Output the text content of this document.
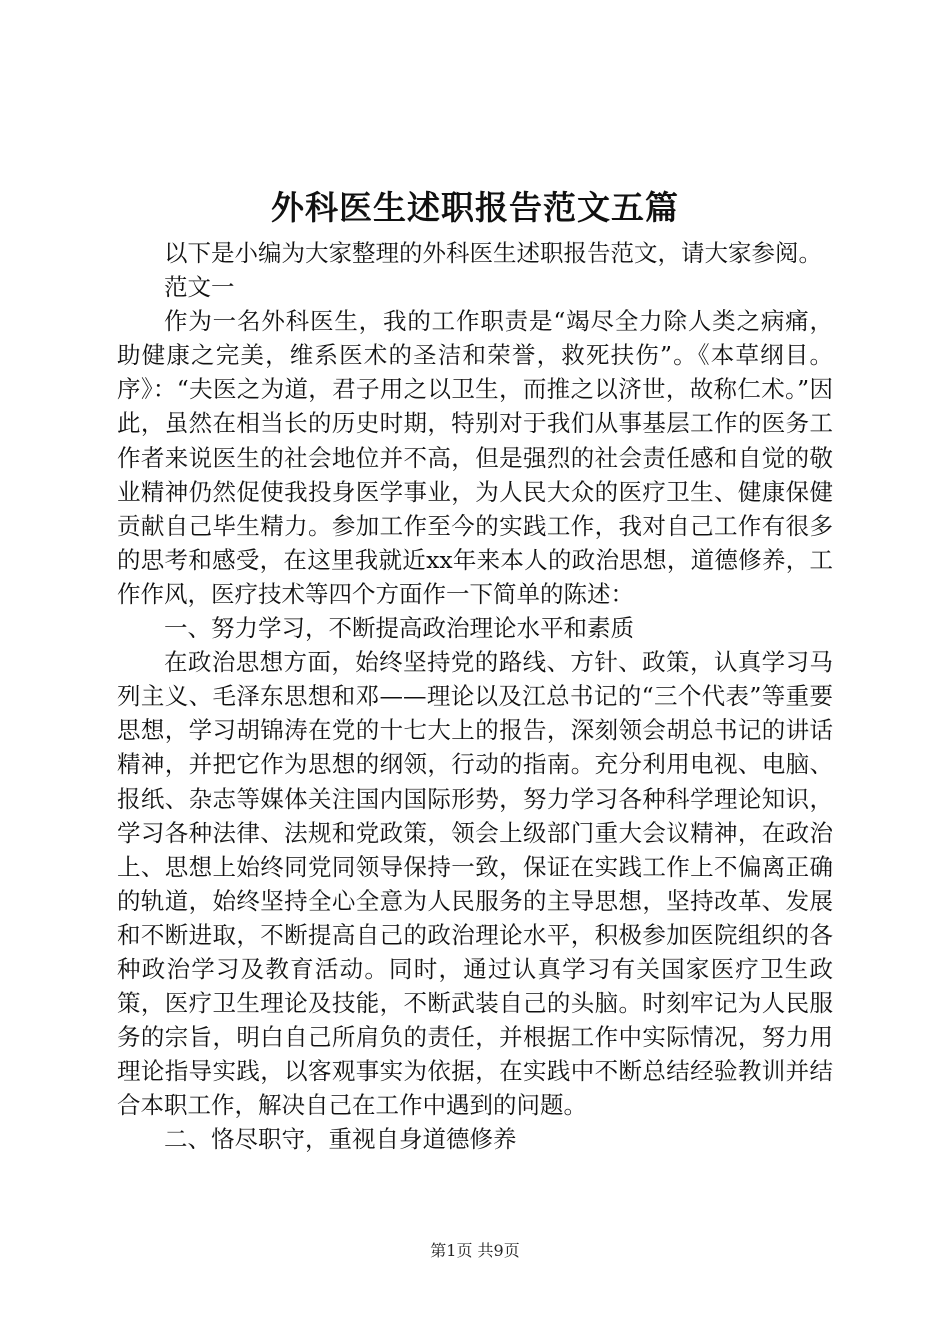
外科医生述职报告范文五篇

以下是小编为大家整理的外科医生述职报告范文，请大家参阅。

范文一

作为一名外科医生，我的工作职责是“竭尽全力除人类之病痛，助健康之完美，维系医术的圣洁和荣誉，救死扶伤”。《本草纲目。序》：“夫医之为道，君子用之以卫生，而推之以济世，故称仁术。”因此，虽然在相当长的历史时期，特别对于我们从事基层工作的医务工作者来说医生的社会地位并不高，但是强烈的社会责任感和自觉的敬业精神仍然促使我投身医学事业，为人民大众的医疗卫生、健康保健贡献自己毕生精力。参加工作至今的实践工作，我对自己工作有很多的思考和感受，在这里我就近xx年来本人的政治思想，道德修养，工作作风，医疗技术等四个方面作一下简单的陈述：

一、努力学习，不断提高政治理论水平和素质

在政治思想方面，始终坚持党的路线、方针、政策，认真学习马列主义、毛泽东思想和邓——理论以及江总书记的“三个代表”等重要思想，学习胡锦涛在党的十七大上的报告，深刻领会胡总书记的讲话精神，并把它作为思想的纲领，行动的指南。充分利用电视、电脑、报纸、杂志等媒体关注国内国际形势，努力学习各种科学理论知识，学习各种法律、法规和党政策，领会上级部门重大会议精神，在政治上、思想上始终同党同领导保持一致，保证在实践工作上不偏离正确的轨道，始终坚持全心全意为人民服务的主导思想，坚持改革、发展和不断进取，不断提高自己的政治理论水平，积极参加医院组织的各种政治学习及教育活动。同时，通过认真学习有关国家医疗卫生政策，医疗卫生理论及技能，不断武装自己的头脑。时刻牢记为人民服务的宗旨，明白自己所肩负的责任，并根据工作中实际情况，努力用理论指导实践，以客观事实为依据，在实践中不断总结经验教训并结合本职工作，解决自己在工作中遇到的问题。

二、恪尽职守，重视自身道德修养

第1页 共9页
